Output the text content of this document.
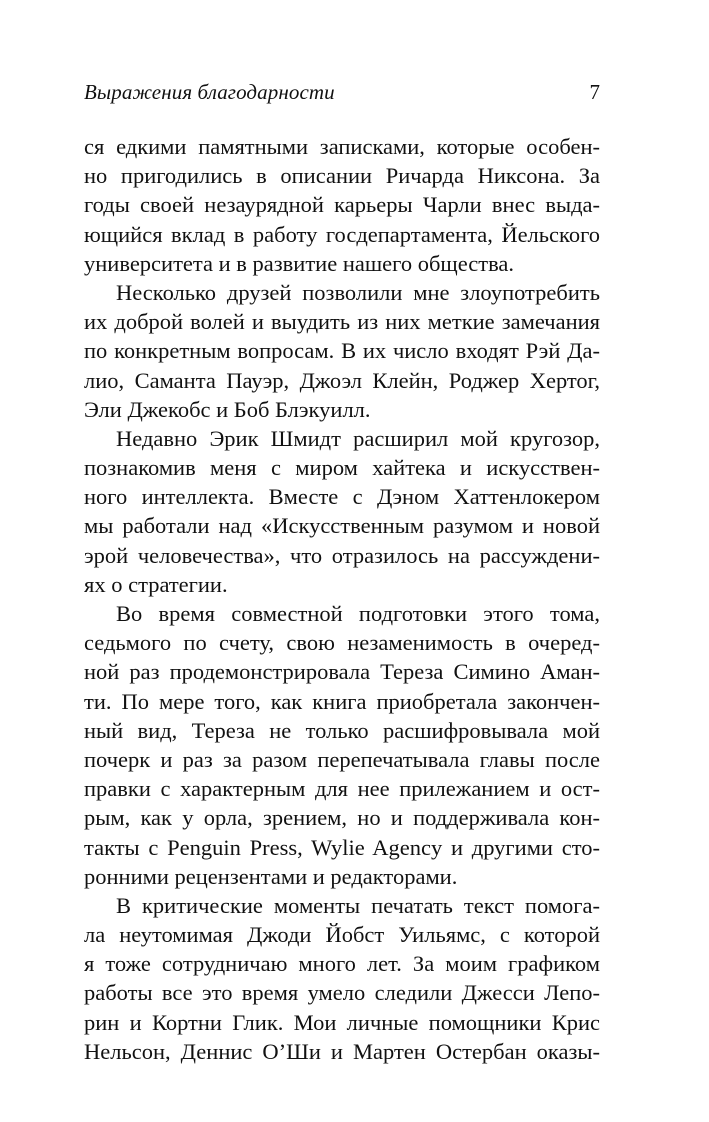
Выражения благодарности	7
ся едкими памятными записками, которые особен-
но пригодились в описании Ричарда Никсона. За
годы своей незаурядной карьеры Чарли внес выда-
ющийся вклад в работу госдепартамента, Йельского
университета и в развитие нашего общества.
Несколько друзей позволили мне злоупотребить
их доброй волей и выудить из них меткие замечания
по конкретным вопросам. В их число входят Рэй Да-
лио, Саманта Пауэр, Джоэл Клейн, Роджер Хертог,
Эли Джекобс и Боб Блэкуилл.
Недавно Эрик Шмидт расширил мой кругозор,
познакомив меня с миром хайтека и искусствен-
ного интеллекта. Вместе с Дэном Хаттенлокером
мы работали над «Искусственным разумом и новой
эрой человечества», что отразилось на рассуждени-
ях о стратегии.
Во время совместной подготовки этого тома,
седьмого по счету, свою незаменимость в очеред-
ной раз продемонстрировала Тереза Симино Аман-
ти. По мере того, как книга приобретала закончен-
ный вид, Тереза не только расшифровывала мой
почерк и раз за разом перепечатывала главы после
правки с характерным для нее прилежанием и ост-
рым, как у орла, зрением, но и поддерживала кон-
такты с Penguin Press, Wylie Agency и другими сто-
ронними рецензентами и редакторами.
В критические моменты печатать текст помога-
ла неутомимая Джоди Йобст Уильямс, с которой
я тоже сотрудничаю много лет. За моим графиком
работы все это время умело следили Джесси Лепо-
рин и Кортни Глик. Мои личные помощники Крис
Нельсон, Деннис О’Ши и Мартен Остербан оказы-
